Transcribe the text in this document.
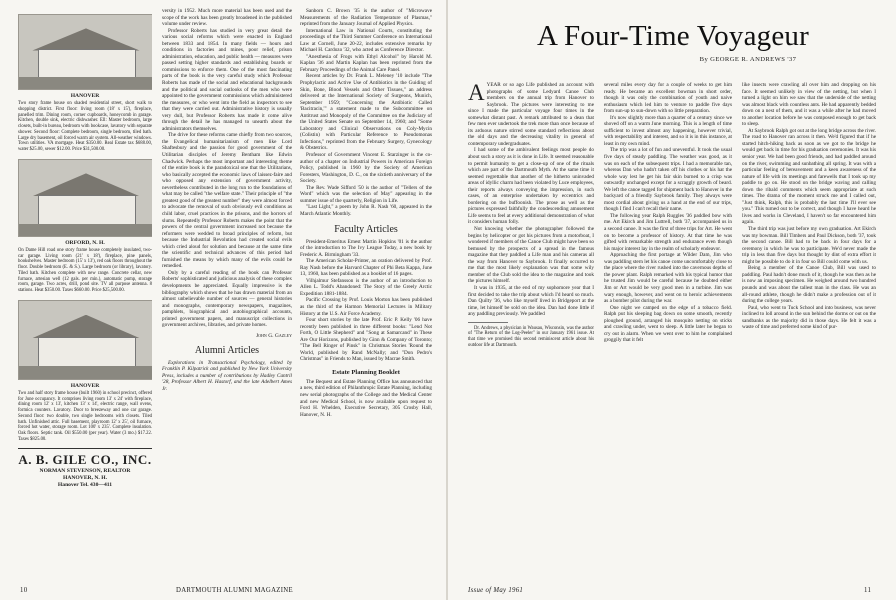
HANOVER

Two story frame house on shaded residential street, short walk to shopping district. First floor: living room (18' x 15'), fireplace, panelled trim. Dining room, corner cupboards, honeycomb in garage. Kitchen, double sink, electric dishwasher. Ell: Master bedroom, large closets, built-in bureau, bedroom with bookcase, lavatory with separate shower. Second floor: Complete bedroom, single bedroom, tiled bath. Large dry basement, oil forced warm air system. All-weather windows. Town utilities. VA mortgage. Heat $350.00. Real Estate tax $688.00, water $25.00, sewer $12.00. Price $31,500.00.

ORFORD, N. H.

On Dame Hill road one story frame house completely insulated, two-car garage. Living room (21' x 18'), fireplace, pine panels, bookshelves. Master bedroom (15' x 13'), red oak floors throughout the floor. Double bedroom (E. & S.). Large bedroom (or library), lavatory. Tiled bath. Kitchen complete with new range. Concrete cellar, new furnace, artesian well (12 gals. per min.), automatic pump, storage room, garage. Two acres, drill, pond site. TV all purpose antenna. 8 stations. Heat $350.00. Taxes $660.00. Price $25,500.00.

HANOVER

Two and half story frame house (built 1960) in school precinct, offered for June occupancy. It comprises living room 13' x 24' with fireplace, dining room 12' x 13', kitchen 13' x 14', electric range, wall ovens, formica counters. Lavatory. Door to breezeway and one car garage. Second floor: two double, two single bedrooms with closets. Tiled bath. Unfinished attic. Full basement, playroom 12' x 25', oil furnace, forced hot water, storage room. Lot 100' x 235'. Complete insulation. Oak floors. Septic tank. Oil $550.00 (per year). Water (3 mo.) $17.22. Taxes $825.00.

A. B. GILE CO., INC.
NORMAN STEVENSON, REALTOR
HANOVER, N. H.
Hanover Tel. 430—411

versity in 1952. Much more material has been used and the scope of the work has been greatly broadened in the published volume under review.

Professor Roberts has studied in very great detail the various social reforms which were enacted in England between 1833 and 1854. In many fields — hours and conditions in factories and mines, poor relief, prison administration, education, and public health — measures were passed setting higher standards and establishing boards or commissions to enforce them. One of the most fascinating parts of the book is the very careful study which Professor Roberts has made of the social and educational backgrounds and the political and social outlooks of the men who were appointed to the government commissions which administered the measures, or who went into the field as inspectors to see that they were carried out. Administrative history is usually very dull, but Professor Roberts has made it come alive through the detail he has managed to unearth about the administrators themselves.

The drive for these reforms came chiefly from two sources, the Evangelical humanitarianism of men like Lord Shaftesbury and the passion for good government of the Utilitarian disciples of Jeremy Bentham like Edwin Chadwick. Perhaps the most important and interesting theme of the entire book is the paradoxical one that the Utilitarians, who basically accepted the economic laws of laissez-faire and who opposed any extension of government activity, nevertheless contributed in the long run to the foundations of what may be called "the welfare state." Their principle of "the greatest good of the greatest number" they were almost forced to advocate the removal of such obviously evil conditions as child labor, cruel practices in the prisons, and the horrors of slums. Repeatedly Professor Roberts makes the point that the powers of the central government increased not because the reformers were wedded to broad principles of reform, but because the Industrial Revolution had created social evils which cried aloud for solution and because at the same time the scientific and technical advances of this period had furnished the means by which many of the evils could be remedied.

Only by a careful reading of the book can Professor Roberts' sophisticated and judicious analysis of these complex developments be appreciated. Equally impressive is the bibliography which shows that he has drawn material from an almost unbelievable number of sources — general histories and monographs, contemporary newspapers, magazines, pamphlets, biographical and autobiographical accounts, printed government papers, and manuscript collections in government archives, libraries, and private homes.

John G. Gazley
Alumni Articles

Explorations in Transactional Psychology, edited by Franklin P. Kilpatrick and published by New York University Press, includes a number of contributions by Hadley Cantril '28, Professor Albert H. Hastorf, and the late Adelbert Ames Jr.

Sanborn C. Brown '35 is the author of "Microwave Measurements of the Radiation Temperature of Plasmas," reprinted from the January Journal of Applied Physics.

International Law in National Courts, constituting the proceedings of the Third Summer Conference on International Law at Cornell, June 20-22, includes extensive remarks by Michael H. Cardozo '32, who acted as Conference Director.

"Anesthesia of Frogs with Ethyl Alcohol" by Harold M. Kaplan '36 and Martin Kaplan has been reprinted from the February Proceedings of the Animal Care Panel.

Recent articles by Dr. Frank L. Meleney '10 include "The Prophylactic and Active Use of Antibiotics in the Guiding of Skin, Bone, Blood Vessels and Other Tissues," an address delivered at the International Society of Surgeons, Munich, September 1959; "Concerning the Antibiotic Called 'Bacitracin,'" a statement made to the Subcommittee on Antitrust and Monopoly of the Committee on the Judiciary of the United States Senate on September 14, 1960; and "Some Laboratory and Clinical Observations on Coly-Mycin (Colistin) with Particular Reference to Pseudomonas Infections," reprinted from the February Surgery, Gynecology & Obstetrics.

Professor of Government Vincent E. Starzinger is the co-author of a chapter on Industrial Powers in American Foreign Policy, published in 1960 by the Society of American Foresters, Washington, D. C., on the sixtieth anniversary of the Society.

The Rev. Wade Sifford '50 is the author of "Tellers of the Word" which was the selection of May" appearing in the summer issue of the quarterly, Religion in Life.

"Last Light," a poem by John R. Nash '60, appeared in the March Atlantic Monthly.

Faculty Articles

President-Emeritus Ernest Martin Hopkins '01 is the author of the introduction to The Ivy League Today, a new book by Frederic A. Birmingham '33.

The American Scholar-Printer, an oration delivered by Prof. Ray Nash before the Harvard Chapter of Phi Beta Kappa, June 13, 1960, has been published as a booklet of 16 pages.

Vilhjalmur Stefansson is the author of an introduction to Allen L. Todd's Abandoned: The Story of the Greely Arctic Expedition 1881-1884.

Pacific Crossing by Prof. Louis Morton has been published as the third of the Harmon Memorial Lectures in Military History at the U.S. Air Force Academy.

Four short stories by the late Prof. Eric P. Kelly '06 have recently been published in three different books: "Lend Not Forth, O Little Shepherd" and "Song at Samarcand" in These Are Our Horizons, published by Ginn & Company of Toronto; "The Bell Ringer of Pinsk" in Christmas Stories 'Round the World, published by Rand McNally; and "Don Pedro's Christmas" in Friends to Man, issued by Macrae Smith.

Estate Planning Booklet

The Bequest and Estate Planning Office has announced that a new, third edition of Philanthropic Estate Planning, including new serial photographs of the College and the Medical Center and new Medical School, is now available upon request to Ford H. Whelden, Executive Secretary, 305 Crosby Hall, Hanover, N. H.

10	DARTMOUTH ALUMNI MAGAZINE
A Four-Time Voyageur
By GEORGE R. ANDREWS '37
A YEAR or so ago Life published an account with photographs of some Ledyard Canoe Club members on the annual trip from Hanover to Saybrook. The pictures were interesting to me since I made the particular voyage four times in the somewhat distant past. A remark attributed to a dean that few men ever undertook the trek more than once because of its arduous nature stirred some standard reflections about the old days and the decreasing vitality in general of contemporary undergraduates.

I had some of the ambivalent feelings most people do about such a story as it is done in Life. It seemed reasonable to permit humanity to get a close-up of one of the rituals which are part of the Dartmouth Myth. At the same time it seemed regrettable that another of the hitherto uninvaded areas of idyllic charm had been violated by Luce employees, their reports always conveying the impression, in such cases, of an enterprise undertaken by eccentrics and bordering on the buffoonish. The prose as well as the pictures expressed faithfully the condescending amusement Life seems to feel at every additional demonstration of what it considers human folly.

Not knowing whether the photographer followed the begins by helicopter or got his pictures from a motorboat, I wondered if members of the Canoe Club might have been so bemused by the prospects of a spread in the famous magazine that they paddled a Life man and his cameras all the way from Hanover to Saybrook. It finally occurred to me that the most likely explanation was that some wily member of the Club sold the idea to the magazine and took the pictures himself.

It was in 1935, at the end of my sophomore year that I first decided to take the trip about which I'd heard so much. Dan Quilty '36, who like myself lived in Bridgeport at the time, let himself be sold on the idea. Dan had done little if any paddling previously. We paddled

Dr. Andrews, a physician in Wausau, Wisconsin, was the author of "The Return of the Log-Peeler" in our January 1961 issue. At that time we promised this second reminiscent article about his outdoor life at Dartmouth.

several miles every day for a couple of weeks to get him ready. He became an excellent bowman in short order, though it was only the combination of youth and naive enthusiasm which led him to venture to paddle five days from sun-up to sun-down with so little preparation.

It's now slightly more than a quarter of a century since we shoved off on a warm June morning. This is a length of time sufficient to invest almost any happening, however trivial, with respectability and interest, and so it is in this instance, at least in my own mind.

The trip was a lot of fun and uneventful. It took the usual five days of steady paddling. The weather was good, as it was on each of the subsequent trips. I had a memorable tan, whereas Dan who hadn't taken off his clothes or his hat the whole way lest he get his fair skin burned to a crisp was outwardly unchanged except for a scraggly growth of beard. We left the canoe tagged for shipment back to Hanover in the backyard of a friendly Saybrook family. They always were most cordial about giving us a hand at the end of our trips, though I find I can't recall their name.

The following year Ralph Ruggles '36 paddled bow with me. Art Ekirch and Jim Luttrell, both '37, accompanied us in a second canoe. It was the first of three trips for Art. He went on to become a professor of history. At that time he was gifted with remarkable strength and endurance even though his major interest lay in the realm of scholarly endeavor.

Approaching the first portage at Wilder Dam, Jim who was paddling stern let his canoe come uncomfortably close to the place where the river rushed into the cavernous depths of the power plant. Ralph remarked with his typical humor that he trusted Jim would be careful because he doubted either Jim or Art would be very good men in a turbine. Jim was wary enough, however, and went on to heroic achievements as a bomber pilot during the war.

One night we camped on the edge of a tobacco field. Ralph put his sleeping bag down on some smooth, recently ploughed ground, arranged his mosquito netting on sticks and crawling under, went to sleep. A little later he began to cry out in alarm. When we went over to him he complained groggily that it felt

like insects were crawling all over him and dropping on his face. It seemed unlikely in view of the netting, but when I turned a light on him we saw that the underside of the netting was almost black with countless ants. He had apparently bedded down on a nest of them, and it was a while after he had moved to another location before he was composed enough to get back to sleep.

At Saybrook Ralph got out at the long bridge across the river. The road to Hanover ran across it then. We'd figured that if he started hitch-hiking back as soon as we got to the bridge he would get back in time for his graduation ceremonies. It was his senior year. We had been good friends, and had paddled around on the river, swimming and sunbathing all spring. It was with a particular feeling of bereavement and a keen awareness of the nature of life with its meetings and farewells that I took up my paddle to go on. He stood on the bridge waving and calling down the ribald comments which seem appropriate at such times. The drama of the moment struck me and I called out, "Just think, Ralph, this is probably the last time I'll ever see you." This turned out to be correct, and though I have heard he lives and works in Cleveland, I haven't so far encountered him again.

The third trip was just before my own graduation. Art Ekirch was my bowman. Bill Timbers and Paul Dickson, both '37, took the second canoe. Bill had to be back in four days for a ceremony in which he was to participate. We'd never made the trip in less than five days but thought by dint of extra effort it might be possible to do it in four so Bill could come with us.

Being a member of the Canoe Club, Bill was used to paddling. Paul hadn't done much of it, though he was then as he is now an imposing specimen. He weighed around two hundred pounds and was about the tallest man in the class. He was an all-round athlete, though he didn't make a profession out of it during the college years.

Paul, who went to Tuck School and into business, was never inclined to loll around in the sun behind the dorms or out on the sandbanks as the majority did in those days. He felt it was a waste of time and preferred some kind of pur-

Issue of May 1961	11
